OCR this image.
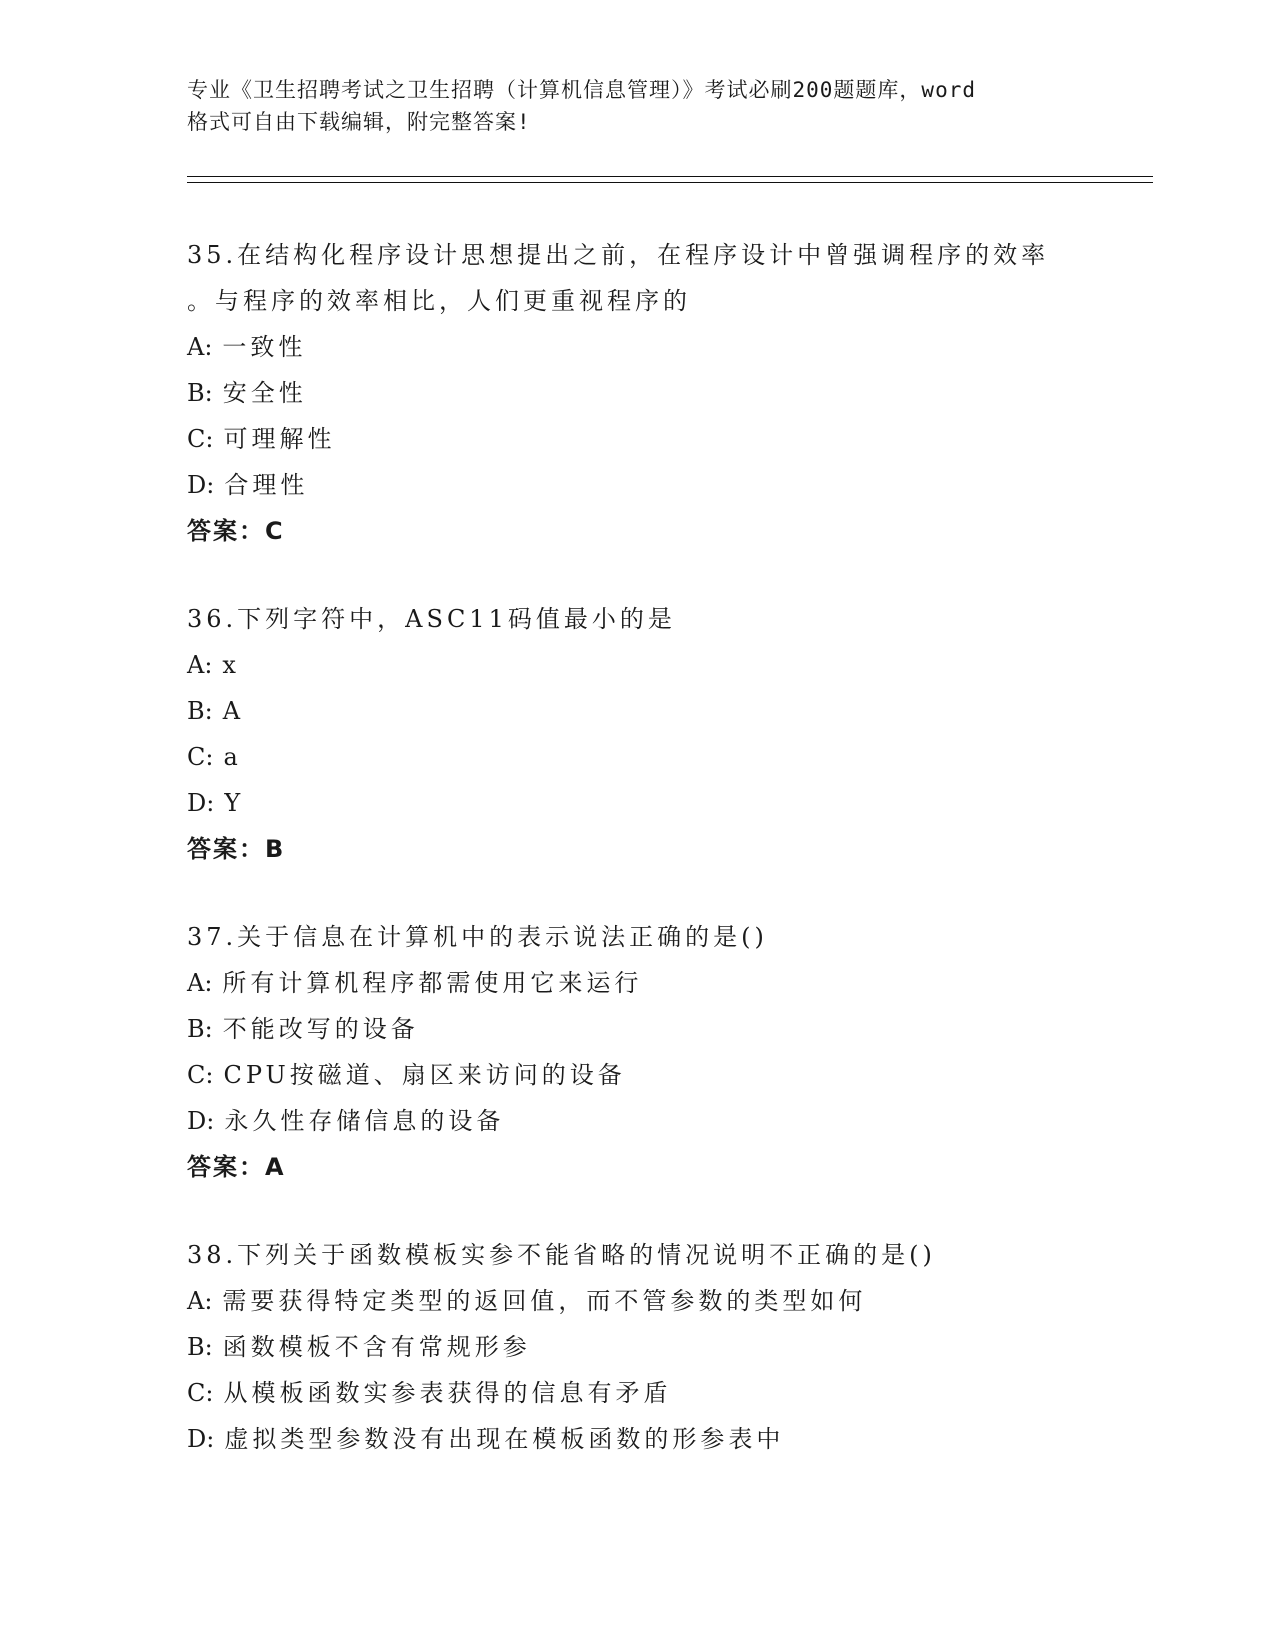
专业《卫生招聘考试之卫生招聘（计算机信息管理）》考试必刷200题题库，word
格式可自由下载编辑，附完整答案!
35.在结构化程序设计思想提出之前，在程序设计中曾强调程序的效率
。与程序的效率相比，人们更重视程序的
A: 一致性
B: 安全性
C: 可理解性
D: 合理性
答案：C
36.下列字符中，ASC11码值最小的是
A: x
B: A
C: a
D: Y
答案：B
37.关于信息在计算机中的表示说法正确的是()
A: 所有计算机程序都需使用它来运行
B: 不能改写的设备
C: CPU按磁道、扇区来访问的设备
D: 永久性存储信息的设备
答案：A
38.下列关于函数模板实参不能省略的情况说明不正确的是()
A: 需要获得特定类型的返回值，而不管参数的类型如何
B: 函数模板不含有常规形参
C: 从模板函数实参表获得的信息有矛盾
D: 虚拟类型参数没有出现在模板函数的形参表中
